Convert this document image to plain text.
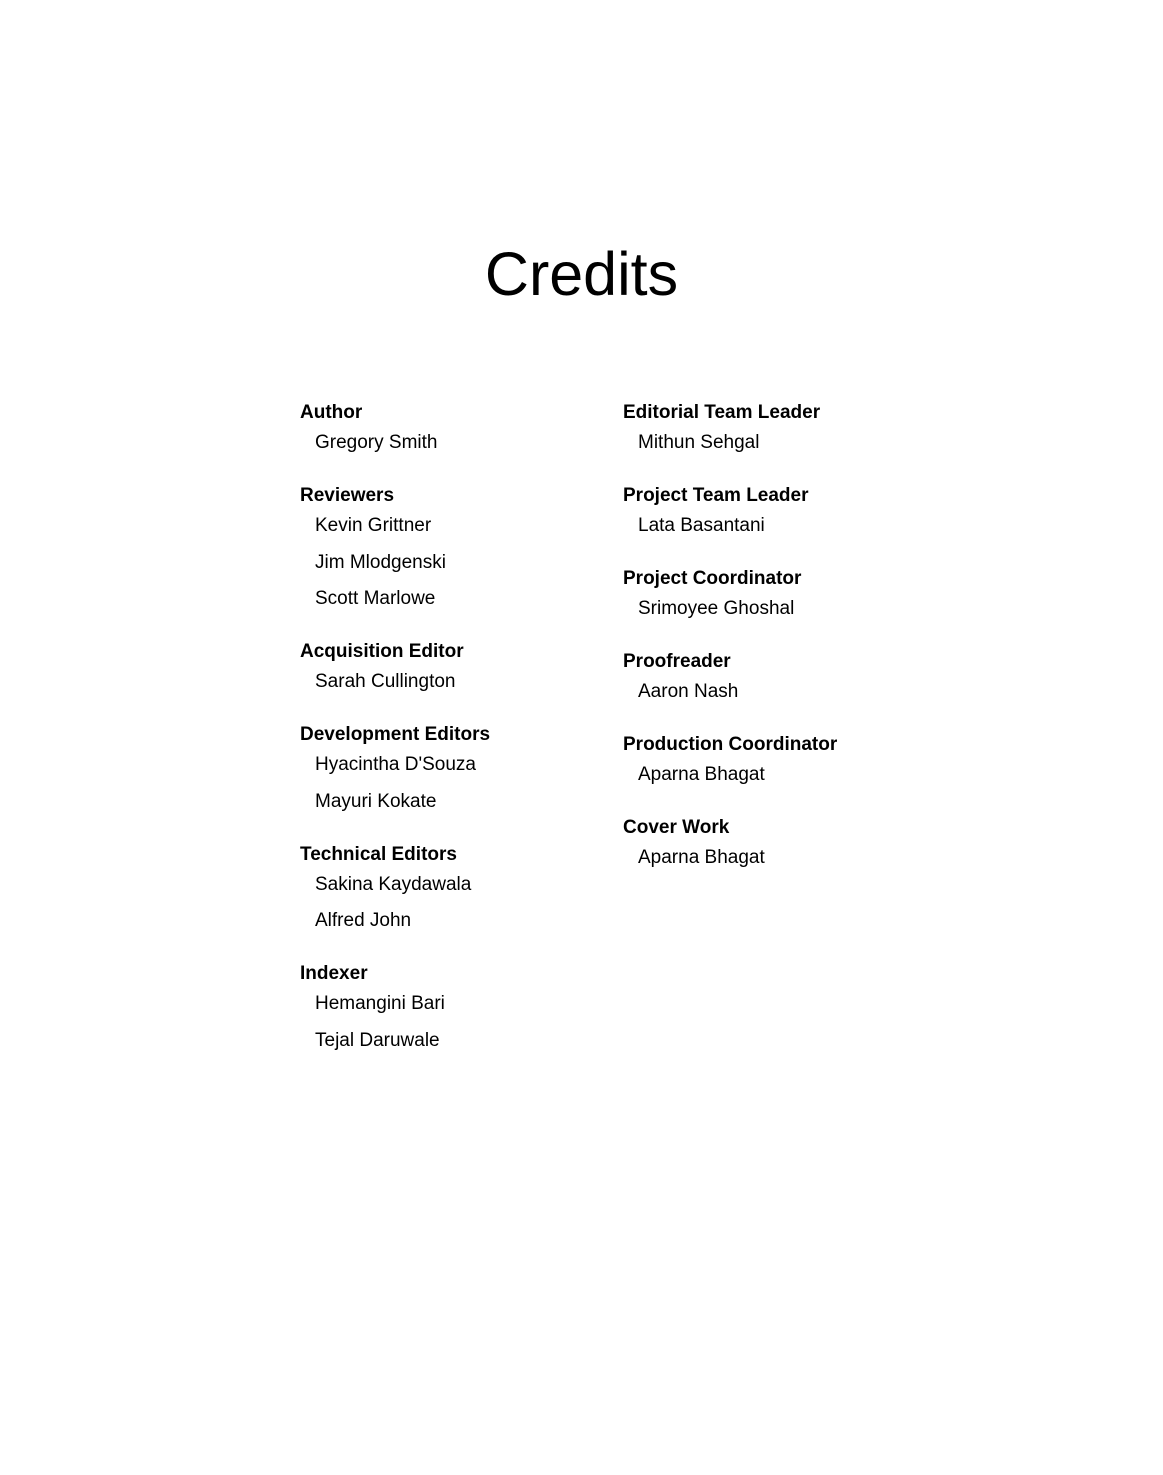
Credits
Author
Gregory Smith
Reviewers
Kevin Grittner
Jim Mlodgenski
Scott Marlowe
Acquisition Editor
Sarah Cullington
Development Editors
Hyacintha D'Souza
Mayuri Kokate
Technical Editors
Sakina Kaydawala
Alfred John
Indexer
Hemangini Bari
Tejal Daruwale
Editorial Team Leader
Mithun Sehgal
Project Team Leader
Lata Basantani
Project Coordinator
Srimoyee Ghoshal
Proofreader
Aaron Nash
Production Coordinator
Aparna Bhagat
Cover Work
Aparna Bhagat
